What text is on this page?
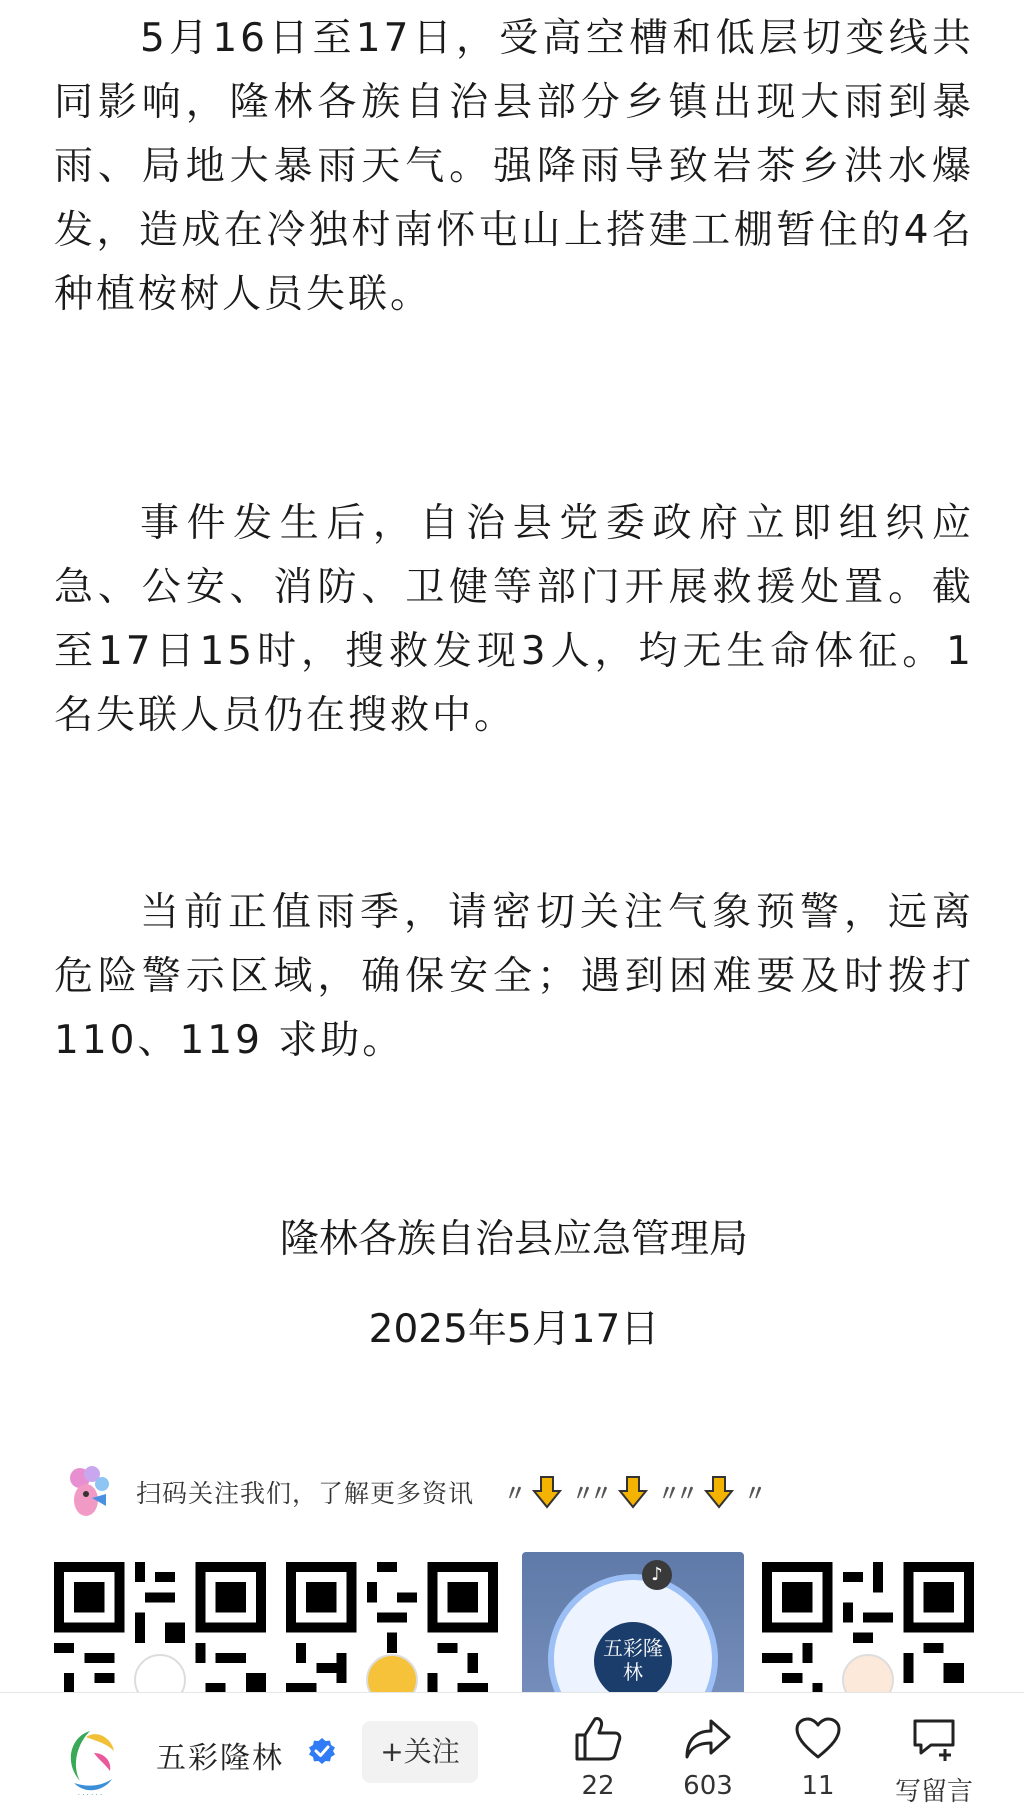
5月16日至17日，受高空槽和低层切变线共同影响，隆林各族自治县部分乡镇出现大雨到暴雨、局地大暴雨天气。强降雨导致岩茶乡洪水爆发，造成在冷独村南怀屯山上搭建工棚暂住的4名种植桉树人员失联。

事件发生后，自治县党委政府立即组织应急、公安、消防、卫健等部门开展救援处置。截至17日15时，搜救发现3人，均无生命体征。1名失联人员仍在搜救中。

当前正值雨季，请密切关注气象预警，远离危险警示区域，确保安全；遇到困难要及时拨打110、119 求助。

隆林各族自治县应急管理局

2025年5月17日

扫码关注我们，了解更多资讯 〃 〃〃 〃〃 〃
♪
五彩隆林
· · · · · ·
五彩隆林	+关注
22	603	11	写留言
